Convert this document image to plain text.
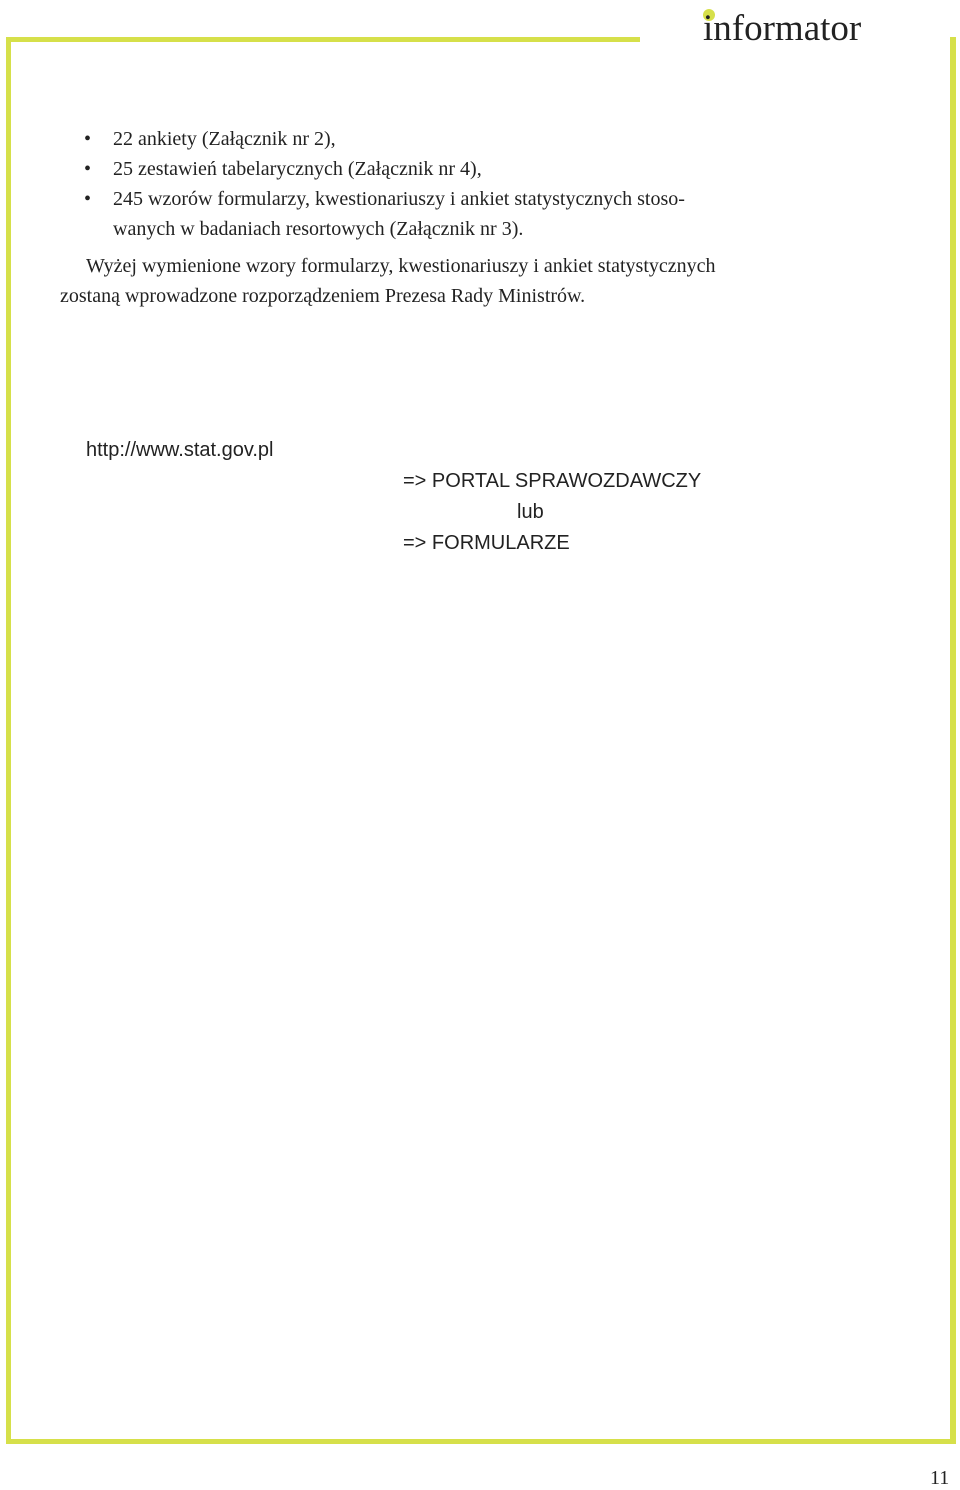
informator
• 22 ankiety (Załącznik nr 2),
• 25 zestawień tabelarycznych (Załącznik nr 4),
• 245 wzorów formularzy, kwestionariuszy i ankiet statystycznych stoso-
wanych w badaniach resortowych (Załącznik nr 3).

Wyżej wymienione wzory formularzy, kwestionariuszy i ankiet statystycznych
zostaną wprowadzone rozporządzeniem Prezesa Rady Ministrów.

http://www.stat.gov.pl
=> PORTAL SPRAWOZDAWCZY
lub
=> FORMULARZE
11
